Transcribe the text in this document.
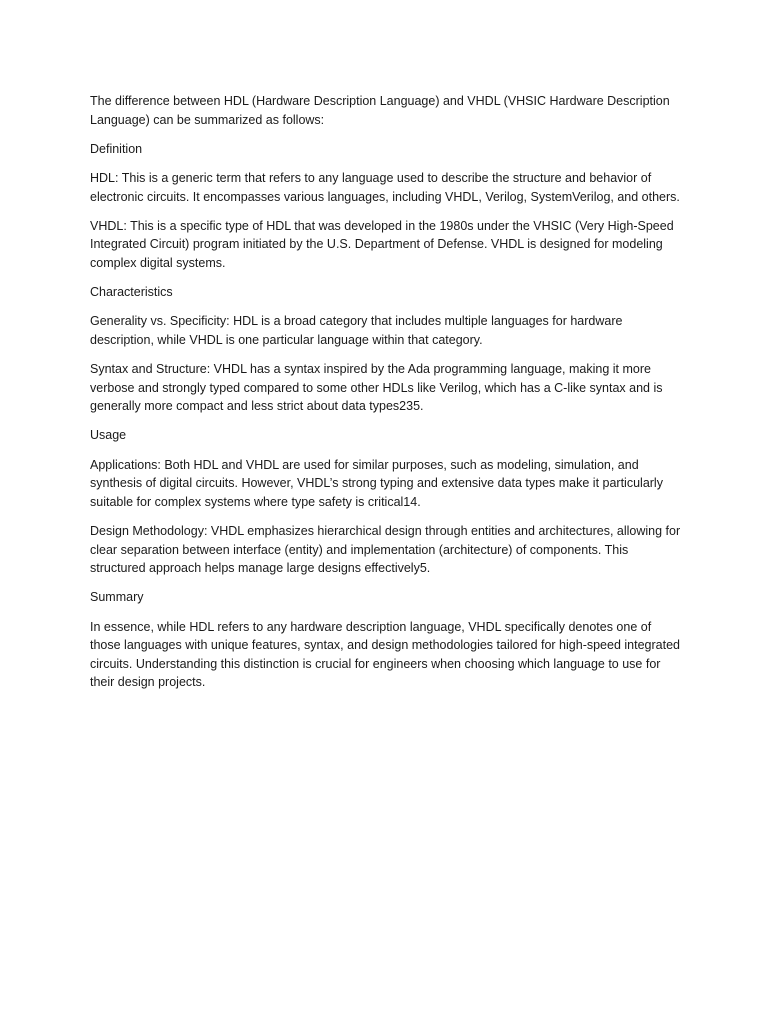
The difference between HDL (Hardware Description Language) and VHDL (VHSIC Hardware Description Language) can be summarized as follows:

Definition

HDL: This is a generic term that refers to any language used to describe the structure and behavior of electronic circuits. It encompasses various languages, including VHDL, Verilog, SystemVerilog, and others.

VHDL: This is a specific type of HDL that was developed in the 1980s under the VHSIC (Very High-Speed Integrated Circuit) program initiated by the U.S. Department of Defense. VHDL is designed for modeling complex digital systems.

Characteristics

Generality vs. Specificity: HDL is a broad category that includes multiple languages for hardware description, while VHDL is one particular language within that category.

Syntax and Structure: VHDL has a syntax inspired by the Ada programming language, making it more verbose and strongly typed compared to some other HDLs like Verilog, which has a C-like syntax and is generally more compact and less strict about data types235.

Usage

Applications: Both HDL and VHDL are used for similar purposes, such as modeling, simulation, and synthesis of digital circuits. However, VHDL’s strong typing and extensive data types make it particularly suitable for complex systems where type safety is critical14.

Design Methodology: VHDL emphasizes hierarchical design through entities and architectures, allowing for clear separation between interface (entity) and implementation (architecture) of components. This structured approach helps manage large designs effectively5.

Summary

In essence, while HDL refers to any hardware description language, VHDL specifically denotes one of those languages with unique features, syntax, and design methodologies tailored for high-speed integrated circuits. Understanding this distinction is crucial for engineers when choosing which language to use for their design projects.
